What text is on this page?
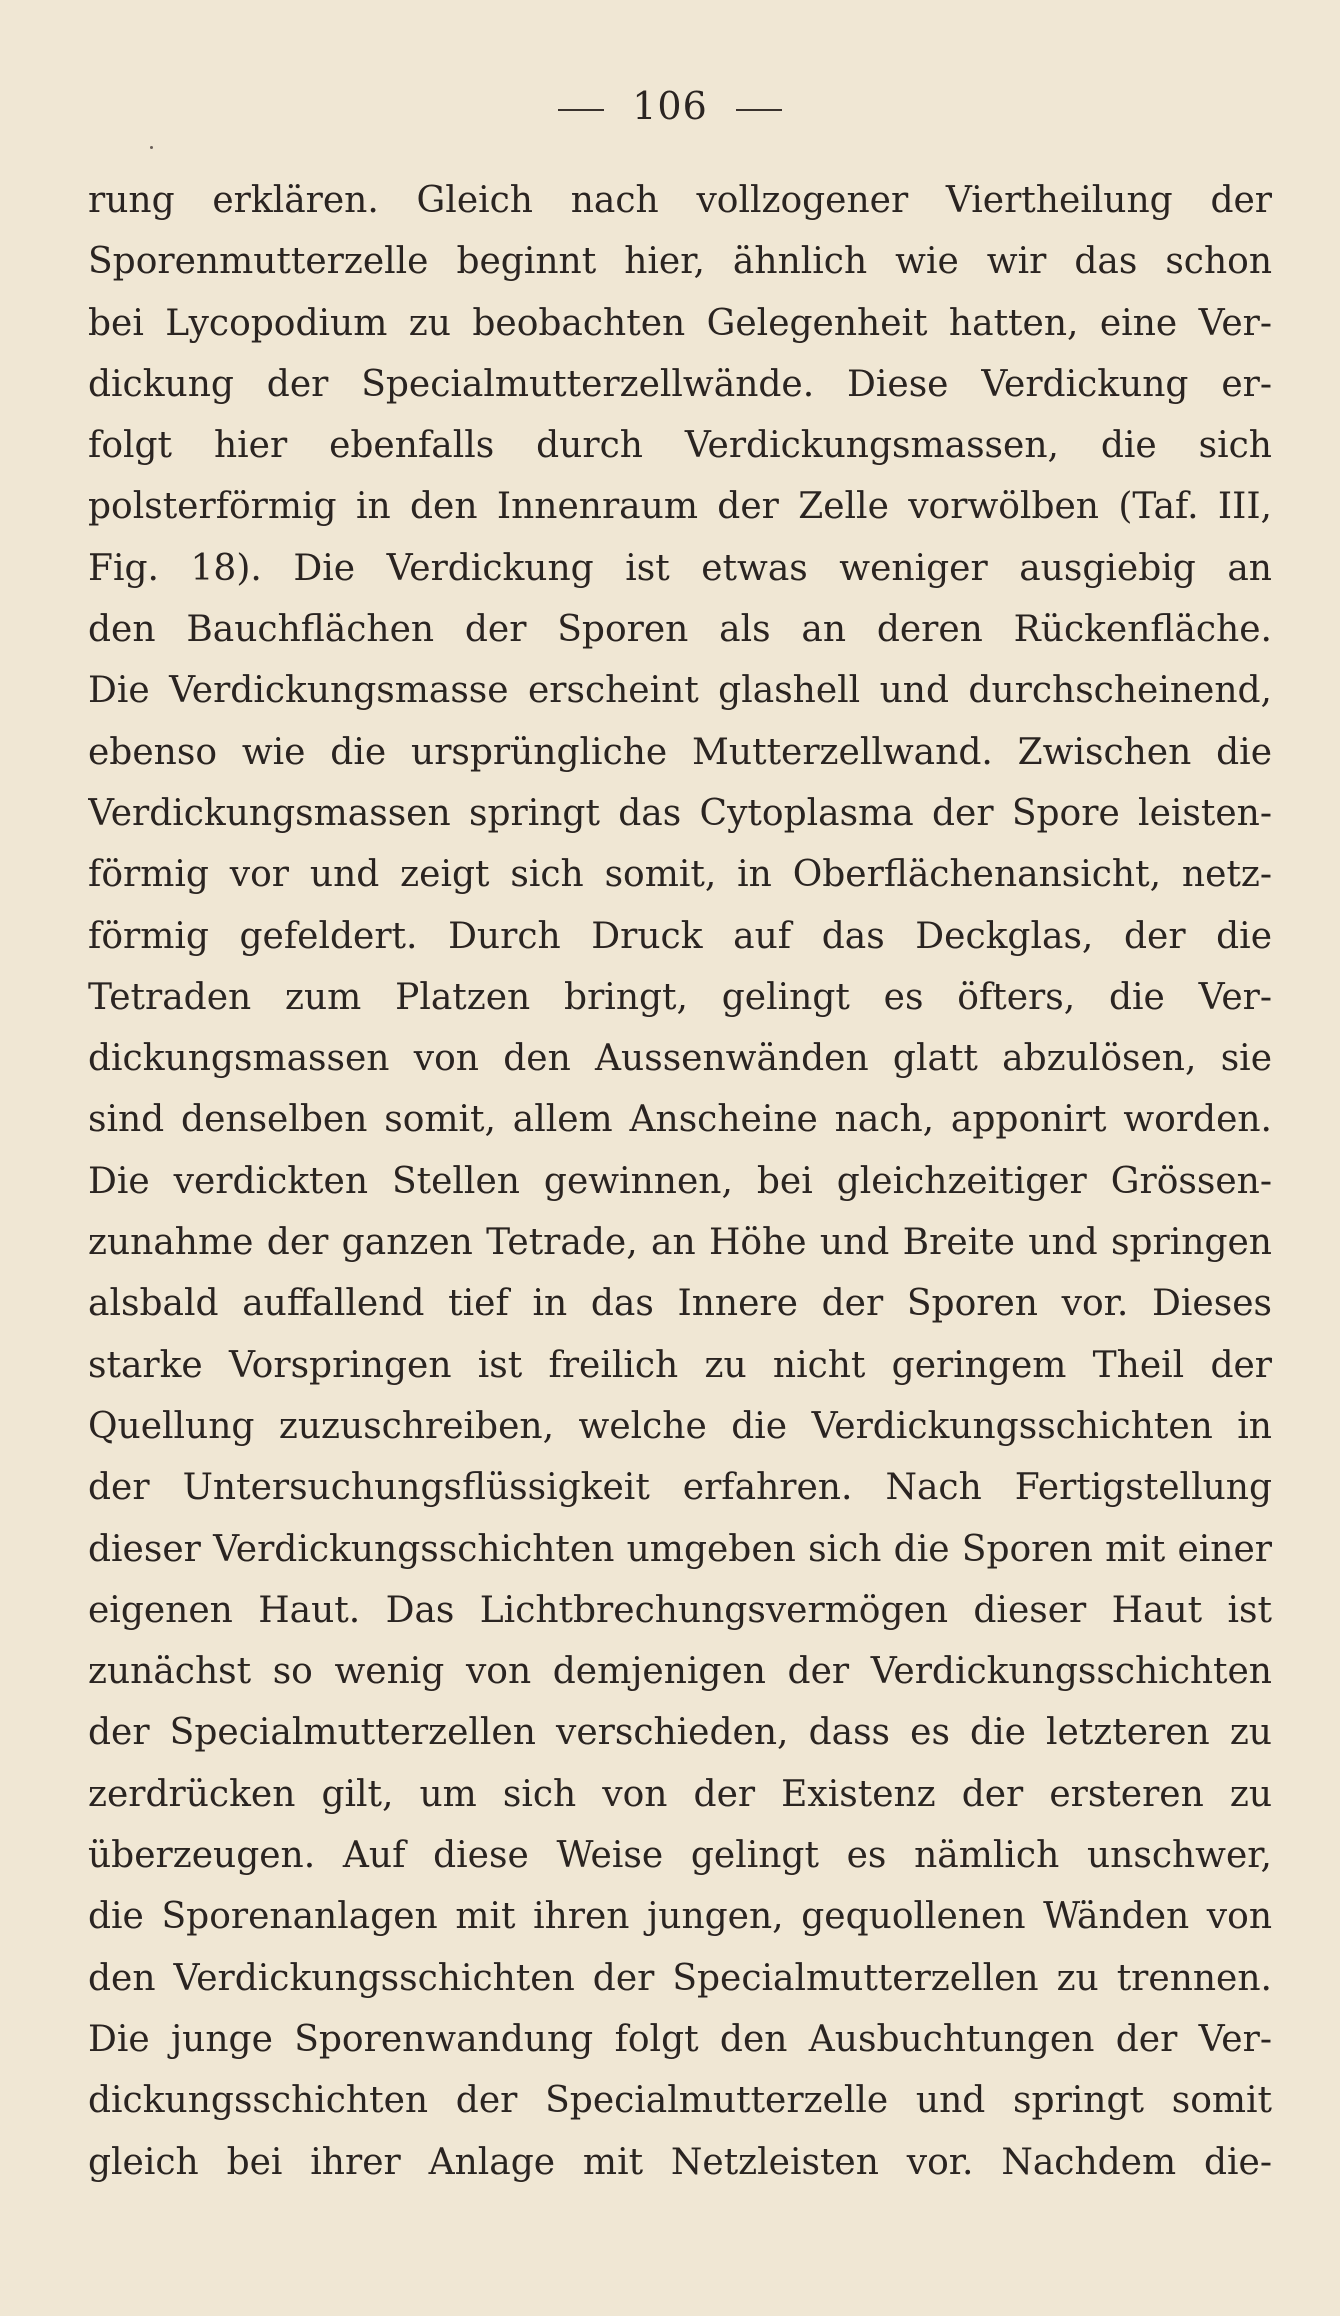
106
rung erklären. Gleich nach vollzogener Viertheilung der
Sporenmutterzelle beginnt hier, ähnlich wie wir das schon
bei Lycopodium zu beobachten Gelegenheit hatten, eine Ver-
dickung der Specialmutterzellwände. Diese Verdickung er-
folgt hier ebenfalls durch Verdickungsmassen, die sich
polsterförmig in den Innenraum der Zelle vorwölben (Taf. III,
Fig. 18). Die Verdickung ist etwas weniger ausgiebig an
den Bauchflächen der Sporen als an deren Rückenfläche.
Die Verdickungsmasse erscheint glashell und durchscheinend,
ebenso wie die ursprüngliche Mutterzellwand. Zwischen die
Verdickungsmassen springt das Cytoplasma der Spore leisten-
förmig vor und zeigt sich somit, in Oberflächenansicht, netz-
förmig gefeldert. Durch Druck auf das Deckglas, der die
Tetraden zum Platzen bringt, gelingt es öfters, die Ver-
dickungsmassen von den Aussenwänden glatt abzulösen, sie
sind denselben somit, allem Anscheine nach, apponirt worden.
Die verdickten Stellen gewinnen, bei gleichzeitiger Grössen-
zunahme der ganzen Tetrade, an Höhe und Breite und springen
alsbald auffallend tief in das Innere der Sporen vor. Dieses
starke Vorspringen ist freilich zu nicht geringem Theil der
Quellung zuzuschreiben, welche die Verdickungsschichten in
der Untersuchungsflüssigkeit erfahren. Nach Fertigstellung
dieser Verdickungsschichten umgeben sich die Sporen mit einer
eigenen Haut. Das Lichtbrechungsvermögen dieser Haut ist
zunächst so wenig von demjenigen der Verdickungsschichten
der Specialmutterzellen verschieden, dass es die letzteren zu
zerdrücken gilt, um sich von der Existenz der ersteren zu
überzeugen. Auf diese Weise gelingt es nämlich unschwer,
die Sporenanlagen mit ihren jungen, gequollenen Wänden von
den Verdickungsschichten der Specialmutterzellen zu trennen.
Die junge Sporenwandung folgt den Ausbuchtungen der Ver-
dickungsschichten der Specialmutterzelle und springt somit
gleich bei ihrer Anlage mit Netzleisten vor. Nachdem die-
